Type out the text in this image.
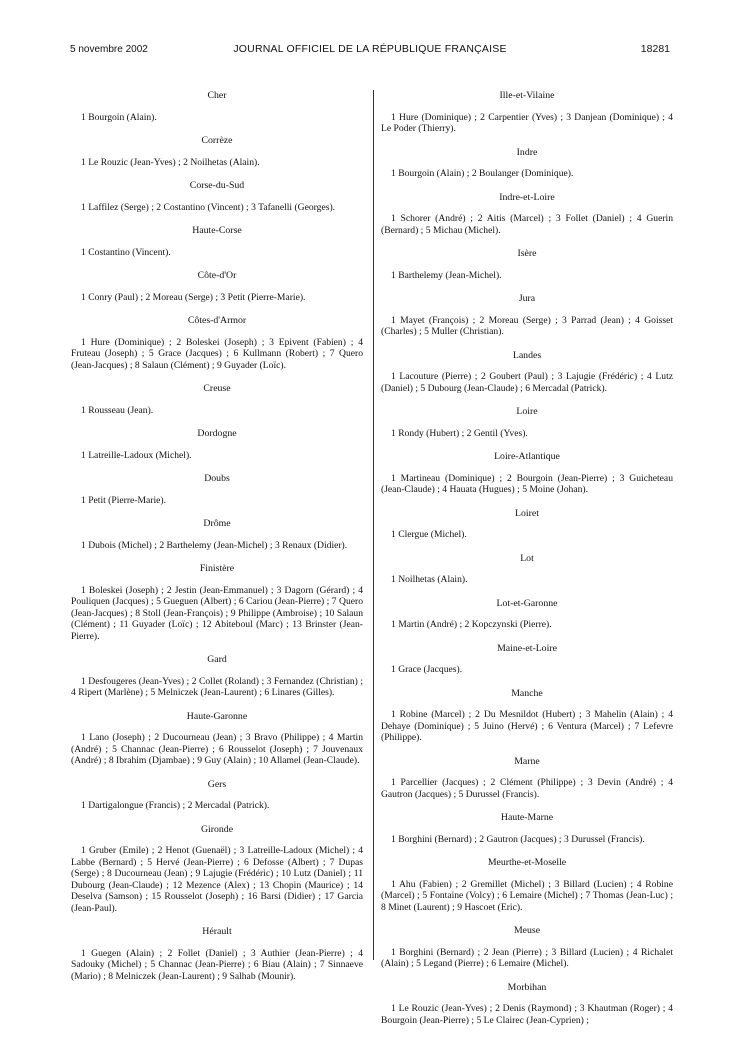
5 novembre 2002	JOURNAL OFFICIEL DE LA RÉPUBLIQUE FRANÇAISE	18281
Cher

1 Bourgoin (Alain).

Corrèze

1 Le Rouzic (Jean-Yves) ; 2 Noilhetas (Alain).

Corse-du-Sud

1 Laffilez (Serge) ; 2 Costantino (Vincent) ; 3 Tafanelli (Georges).

Haute-Corse

1 Costantino (Vincent).

Côte-d'Or

1 Conry (Paul) ; 2 Moreau (Serge) ; 3 Petit (Pierre-Marie).

Côtes-d'Armor

1 Hure (Dominique) ; 2 Boleskei (Joseph) ; 3 Epivent (Fabien) ; 4 Fruteau (Joseph) ; 5 Grace (Jacques) ; 6 Kullmann (Robert) ; 7 Quero (Jean-Jacques) ; 8 Salaun (Clément) ; 9 Guyader (Loïc).

Creuse

1 Rousseau (Jean).

Dordogne

1 Latreille-Ladoux (Michel).

Doubs

1 Petit (Pierre-Marie).

Drôme

1 Dubois (Michel) ; 2 Barthelemy (Jean-Michel) ; 3 Renaux (Didier).

Finistère

1 Boleskei (Joseph) ; 2 Jestin (Jean-Emmanuel) ; 3 Dagorn (Gérard) ; 4 Pouliquen (Jacques) ; 5 Gueguen (Albert) ; 6 Cariou (Jean-Pierre) ; 7 Quero (Jean-Jacques) ; 8 Stoll (Jean-François) ; 9 Philippe (Ambroise) ; 10 Salaun (Clément) ; 11 Guyader (Loïc) ; 12 Abiteboul (Marc) ; 13 Brinster (Jean-Pierre).

Gard

1 Desfougeres (Jean-Yves) ; 2 Collet (Roland) ; 3 Fernandez (Christian) ; 4 Ripert (Marlène) ; 5 Melniczek (Jean-Laurent) ; 6 Linares (Gilles).

Haute-Garonne

1 Lano (Joseph) ; 2 Ducourneau (Jean) ; 3 Bravo (Philippe) ; 4 Martin (André) ; 5 Channac (Jean-Pierre) ; 6 Rousselot (Joseph) ; 7 Jouvenaux (André) ; 8 Ibrahim (Djambae) ; 9 Guy (Alain) ; 10 Allamel (Jean-Claude).

Gers

1 Dartigalongue (Francis) ; 2 Mercadal (Patrick).

Gironde

1 Gruber (Emile) ; 2 Henot (Guenaël) ; 3 Latreille-Ladoux (Michel) ; 4 Labbe (Bernard) ; 5 Hervé (Jean-Pierre) ; 6 Defosse (Albert) ; 7 Dupas (Serge) ; 8 Ducourneau (Jean) ; 9 Lajugie (Frédéric) ; 10 Lutz (Daniel) ; 11 Dubourg (Jean-Claude) ; 12 Mezence (Alex) ; 13 Chopin (Maurice) ; 14 Deselva (Samson) ; 15 Rousselot (Joseph) ; 16 Barsi (Didier) ; 17 Garcia (Jean-Paul).

Hérault

1 Guegen (Alain) ; 2 Follet (Daniel) ; 3 Authier (Jean-Pierre) ; 4 Sadouky (Michel) ; 5 Channac (Jean-Pierre) ; 6 Biau (Alain) ; 7 Sinnaeve (Mario) ; 8 Melniczek (Jean-Laurent) ; 9 Salhab (Mounir).

Ille-et-Vilaine

1 Hure (Dominique) ; 2 Carpentier (Yves) ; 3 Danjean (Dominique) ; 4 Le Poder (Thierry).

Indre

1 Bourgoin (Alain) ; 2 Boulanger (Dominique).

Indre-et-Loire

1 Schorer (André) ; 2 Aitis (Marcel) ; 3 Follet (Daniel) ; 4 Guerin (Bernard) ; 5 Michau (Michel).

Isère

1 Barthelemy (Jean-Michel).

Jura

1 Mayet (François) ; 2 Moreau (Serge) ; 3 Parrad (Jean) ; 4 Goisset (Charles) ; 5 Muller (Christian).

Landes

1 Lacouture (Pierre) ; 2 Goubert (Paul) ; 3 Lajugie (Frédéric) ; 4 Lutz (Daniel) ; 5 Dubourg (Jean-Claude) ; 6 Mercadal (Patrick).

Loire

1 Rondy (Hubert) ; 2 Gentil (Yves).

Loire-Atlantique

1 Martineau (Dominique) ; 2 Bourgoin (Jean-Pierre) ; 3 Guicheteau (Jean-Claude) ; 4 Hauata (Hugues) ; 5 Moine (Johan).

Loiret

1 Clergue (Michel).

Lot

1 Noilhetas (Alain).

Lot-et-Garonne

1 Martin (André) ; 2 Kopczynski (Pierre).

Maine-et-Loire

1 Grace (Jacques).

Manche

1 Robine (Marcel) ; 2 Du Mesnildot (Hubert) ; 3 Mahelin (Alain) ; 4 Dehaye (Dominique) ; 5 Juino (Hervé) ; 6 Ventura (Marcel) ; 7 Lefevre (Philippe).

Marne

1 Parcellier (Jacques) ; 2 Clément (Philippe) ; 3 Devin (André) ; 4 Gautron (Jacques) ; 5 Durussel (Francis).

Haute-Marne

1 Borghini (Bernard) ; 2 Gautron (Jacques) ; 3 Durussel (Francis).

Meurthe-et-Moselle

1 Ahu (Fabien) ; 2 Gremillet (Michel) ; 3 Billard (Lucien) ; 4 Robine (Marcel) ; 5 Fontaine (Volcy) ; 6 Lemaire (Michel) ; 7 Thomas (Jean-Luc) ; 8 Minet (Laurent) ; 9 Hascoet (Eric).

Meuse

1 Borghini (Bernard) ; 2 Jean (Pierre) ; 3 Billard (Lucien) ; 4 Richalet (Alain) ; 5 Legand (Pierre) ; 6 Lemaire (Michel).

Morbihan

1 Le Rouzic (Jean-Yves) ; 2 Denis (Raymond) ; 3 Khautman (Roger) ; 4 Bourgoin (Jean-Pierre) ; 5 Le Clairec (Jean-Cyprien) ;
